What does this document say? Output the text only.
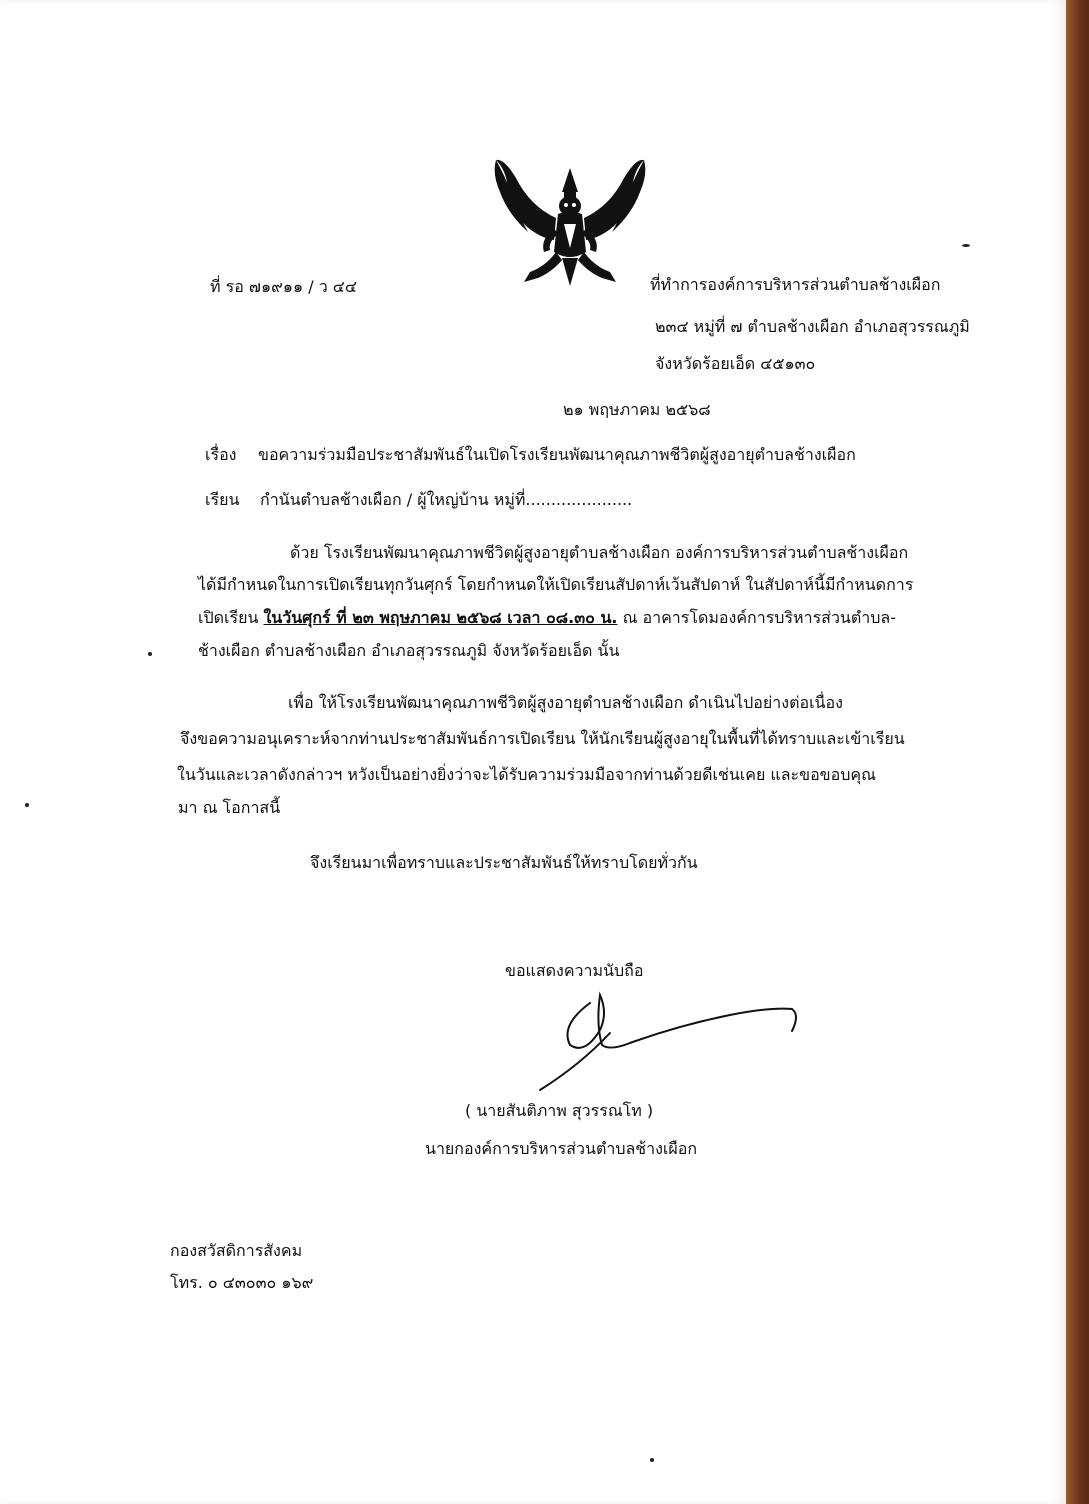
ที่ รอ ๗๑๙๑๑ / ว ๔๔	ที่ทำการองค์การบริหารส่วนตำบลช้างเผือก

๒๓๔ หมู่ที่ ๗ ตำบลช้างเผือก อำเภอสุวรรณภูมิ

จังหวัดร้อยเอ็ด ๔๕๑๓๐

๒๑ พฤษภาคม ๒๕๖๘

เรื่อง ขอความร่วมมือประชาสัมพันธ์ในเปิดโรงเรียนพัฒนาคุณภาพชีวิตผู้สูงอายุตำบลช้างเผือก

เรียน กำนันตำบลช้างเผือก / ผู้ใหญ่บ้าน หมู่ที่.....................

ด้วย โรงเรียนพัฒนาคุณภาพชีวิตผู้สูงอายุตำบลช้างเผือก องค์การบริหารส่วนตำบลช้างเผือก

ได้มีกำหนดในการเปิดเรียนทุกวันศุกร์ โดยกำหนดให้เปิดเรียนสัปดาห์เว้นสัปดาห์ ในสัปดาห์นี้มีกำหนดการ

เปิดเรียน ในวันศุกร์ ที่ ๒๓ พฤษภาคม ๒๕๖๘ เวลา ๐๘.๓๐ น. ณ อาคารโดมองค์การบริหารส่วนตำบล-

ช้างเผือก ตำบลช้างเผือก อำเภอสุวรรณภูมิ จังหวัดร้อยเอ็ด นั้น

เพื่อ ให้โรงเรียนพัฒนาคุณภาพชีวิตผู้สูงอายุตำบลช้างเผือก ดำเนินไปอย่างต่อเนื่อง

จึงขอความอนุเคราะห์จากท่านประชาสัมพันธ์การเปิดเรียน ให้นักเรียนผู้สูงอายุในพื้นที่ได้ทราบและเข้าเรียน

ในวันและเวลาดังกล่าวฯ หวังเป็นอย่างยิ่งว่าจะได้รับความร่วมมือจากท่านด้วยดีเช่นเคย และขอขอบคุณ

มา ณ โอกาสนี้

จึงเรียนมาเพื่อทราบและประชาสัมพันธ์ให้ทราบโดยทั่วกัน

ขอแสดงความนับถือ

( นายสันติภาพ สุวรรณโท )

นายกองค์การบริหารส่วนตำบลช้างเผือก

กองสวัสดิการสังคม

โทร. ๐ ๔๓๐๓๐ ๑๖๙
